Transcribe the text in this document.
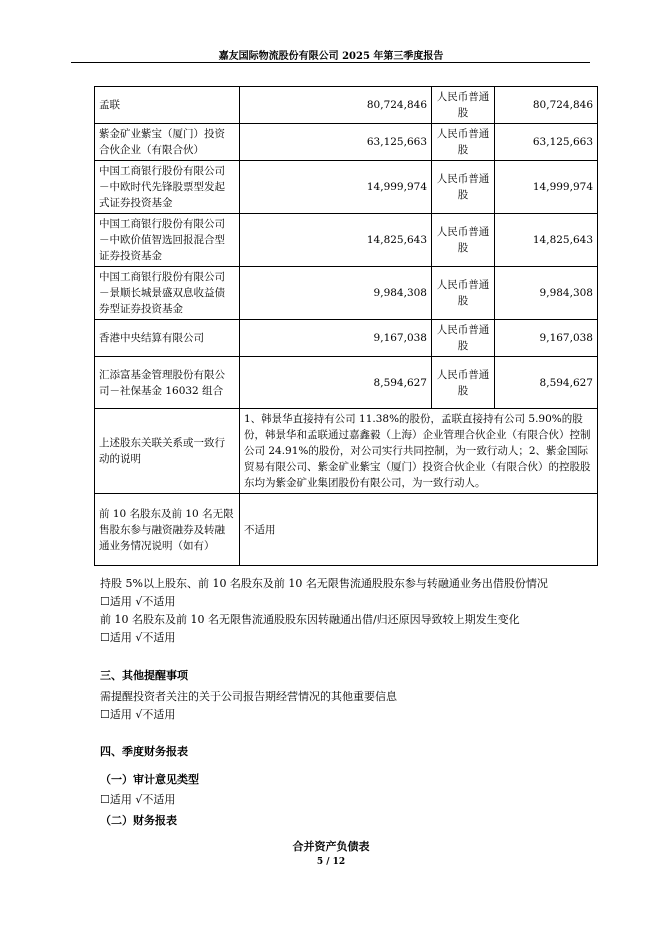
嘉友国际物流股份有限公司 2025 年第三季度报告
孟联	80,724,846	人民币普通股	80,724,846
紫金矿业紫宝（厦门）投资合伙企业（有限合伙）	63,125,663	人民币普通股	63,125,663
中国工商银行股份有限公司－中欧时代先锋股票型发起式证券投资基金	14,999,974	人民币普通股	14,999,974
中国工商银行股份有限公司－中欧价值智选回报混合型证券投资基金	14,825,643	人民币普通股	14,825,643
中国工商银行股份有限公司－景顺长城景盛双息收益债券型证券投资基金	9,984,308	人民币普通股	9,984,308
香港中央结算有限公司	9,167,038	人民币普通股	9,167,038
汇添富基金管理股份有限公司－社保基金 16032 组合	8,594,627	人民币普通股	8,594,627
上述股东关联关系或一致行动的说明	1、韩景华直接持有公司 11.38%的股份，孟联直接持有公司 5.90%的股份，韩景华和孟联通过嘉鑫毅（上海）企业管理合伙企业（有限合伙）控制公司 24.91%的股份，对公司实行共同控制，为一致行动人；2、紫金国际贸易有限公司、紫金矿业紫宝（厦门）投资合伙企业（有限合伙）的控股股东均为紫金矿业集团股份有限公司，为一致行动人。		
前 10 名股东及前 10 名无限售股东参与融资融券及转融通业务情况说明（如有）	不适用		
持股 5%以上股东、前 10 名股东及前 10 名无限售流通股股东参与转融通业务出借股份情况
☐适用 √不适用
前 10 名股东及前 10 名无限售流通股股东因转融通出借/归还原因导致较上期发生变化
☐适用 √不适用
三、其他提醒事项
需提醒投资者关注的关于公司报告期经营情况的其他重要信息
☐适用 √不适用
四、季度财务报表
（一）审计意见类型
☐适用 √不适用
（二）财务报表
合并资产负债表
5 / 12
